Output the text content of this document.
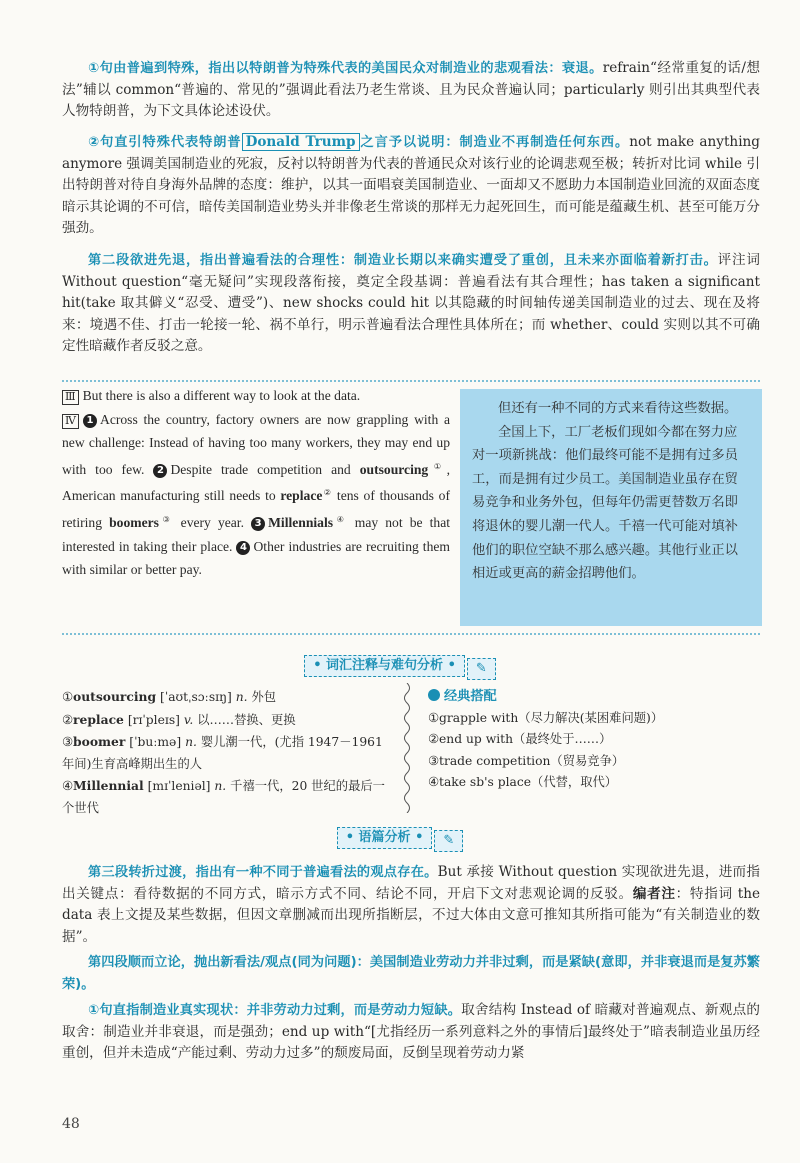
①句由普遍到特殊，指出以特朗普为特殊代表的美国民众对制造业的悲观看法：衰退。refrain“经常重复的话/想法”辅以 common“普遍的、常见的”强调此看法乃老生常谈、且为民众普遍认同；particularly 则引出其典型代表人物特朗普，为下文具体论述设伏。
②句直引特殊代表特朗普 Donald Trump 之言予以说明：制造业不再制造任何东西。not make anything anymore 强调美国制造业的死寂，反衬以特朗普为代表的普通民众对该行业的论调悲观至极；转折对比词 while 引出特朗普对待自身海外品牌的态度：维护，以其一面唱衰美国制造业、一面却又不愿助力本国制造业回流的双面态度暗示其论调的不可信，暗传美国制造业势头并非像老生常谈的那样无力起死回生，而可能是蕴藏生机、甚至可能万分强劲。
第二段欲进先退，指出普遍看法的合理性：制造业长期以来确实遭受了重创，且未来亦面临着新打击。评注词 Without question“毫无疑问”实现段落衔接，奠定全段基调：普遍看法有其合理性；has taken a significant hit(take 取其僻义“忍受、遭受”)、new shocks could hit 以其隐藏的时间轴传递美国制造业的过去、现在及将来：境遇不佳、打击一轮接一轮、祸不单行，明示普遍看法合理性具体所在；而 whether、could 实则以其不可确定性暗藏作者反驳之意。
Ⅲ But there is also a different way to look at the data.
Ⅳ 1 Across the country, factory owners are now grappling with a new challenge: Instead of having too many workers, they may end up with too few. 2 Despite trade competition and outsourcing①, American manufacturing still needs to replace② tens of thousands of retiring boomers③ every year. 3 Millennials④ may not be that interested in taking their place. 4 Other industries are recruiting them with similar or better pay.
但还有一种不同的方式来看待这些数据。
全国上下，工厂老板们现如今都在努力应对一项新挑战：他们最终可能不是拥有过多员工，而是拥有过少员工。美国制造业虽存在贸易竞争和业务外包，但每年仍需更替数万名即将退休的婴儿潮一代人。千禧一代可能对填补他们的职位空缺不那么感兴趣。其他行业正以相近或更高的薪金招聘他们。
• 词汇注释与难句分析 • ✎
①outsourcing [ˈaʊtˌsɔːsɪŋ] n. 外包
②replace [rɪˈpleɪs] v. 以……替换、更换
③boomer [ˈbuːmə] n. 婴儿潮一代，(尤指 1947－1961 年间)生育高峰期出生的人
④Millennial [mɪˈleniəl] n. 千禧一代，20 世纪的最后一个世代
经典搭配
①grapple with（尽力解决(某困难问题)）
②end up with（最终处于……）
③trade competition（贸易竞争）
④take sb's place（代替，取代）
• 语篇分析 • ✎
第三段转折过渡，指出有一种不同于普遍看法的观点存在。But 承接 Without question 实现欲进先退，进而指出关键点：看待数据的不同方式，暗示方式不同、结论不同，开启下文对悲观论调的反驳。编者注：特指词 the data 表上文提及某些数据，但因文章删减而出现所指断层，不过大体由文意可推知其所指可能为“有关制造业的数据”。
第四段顺而立论，抛出新看法/观点(同为问题)：美国制造业劳动力并非过剩，而是紧缺(意即，并非衰退而是复苏繁荣)。
①句直指制造业真实现状：并非劳动力过剩，而是劳动力短缺。取舍结构 Instead of 暗藏对普遍观点、新观点的取舍：制造业并非衰退，而是强劲；end up with“[尤指经历一系列意料之外的事情后]最终处于”暗表制造业虽历经重创，但并未造成“产能过剩、劳动力过多”的颓废局面，反倒呈现着劳动力紧
48
